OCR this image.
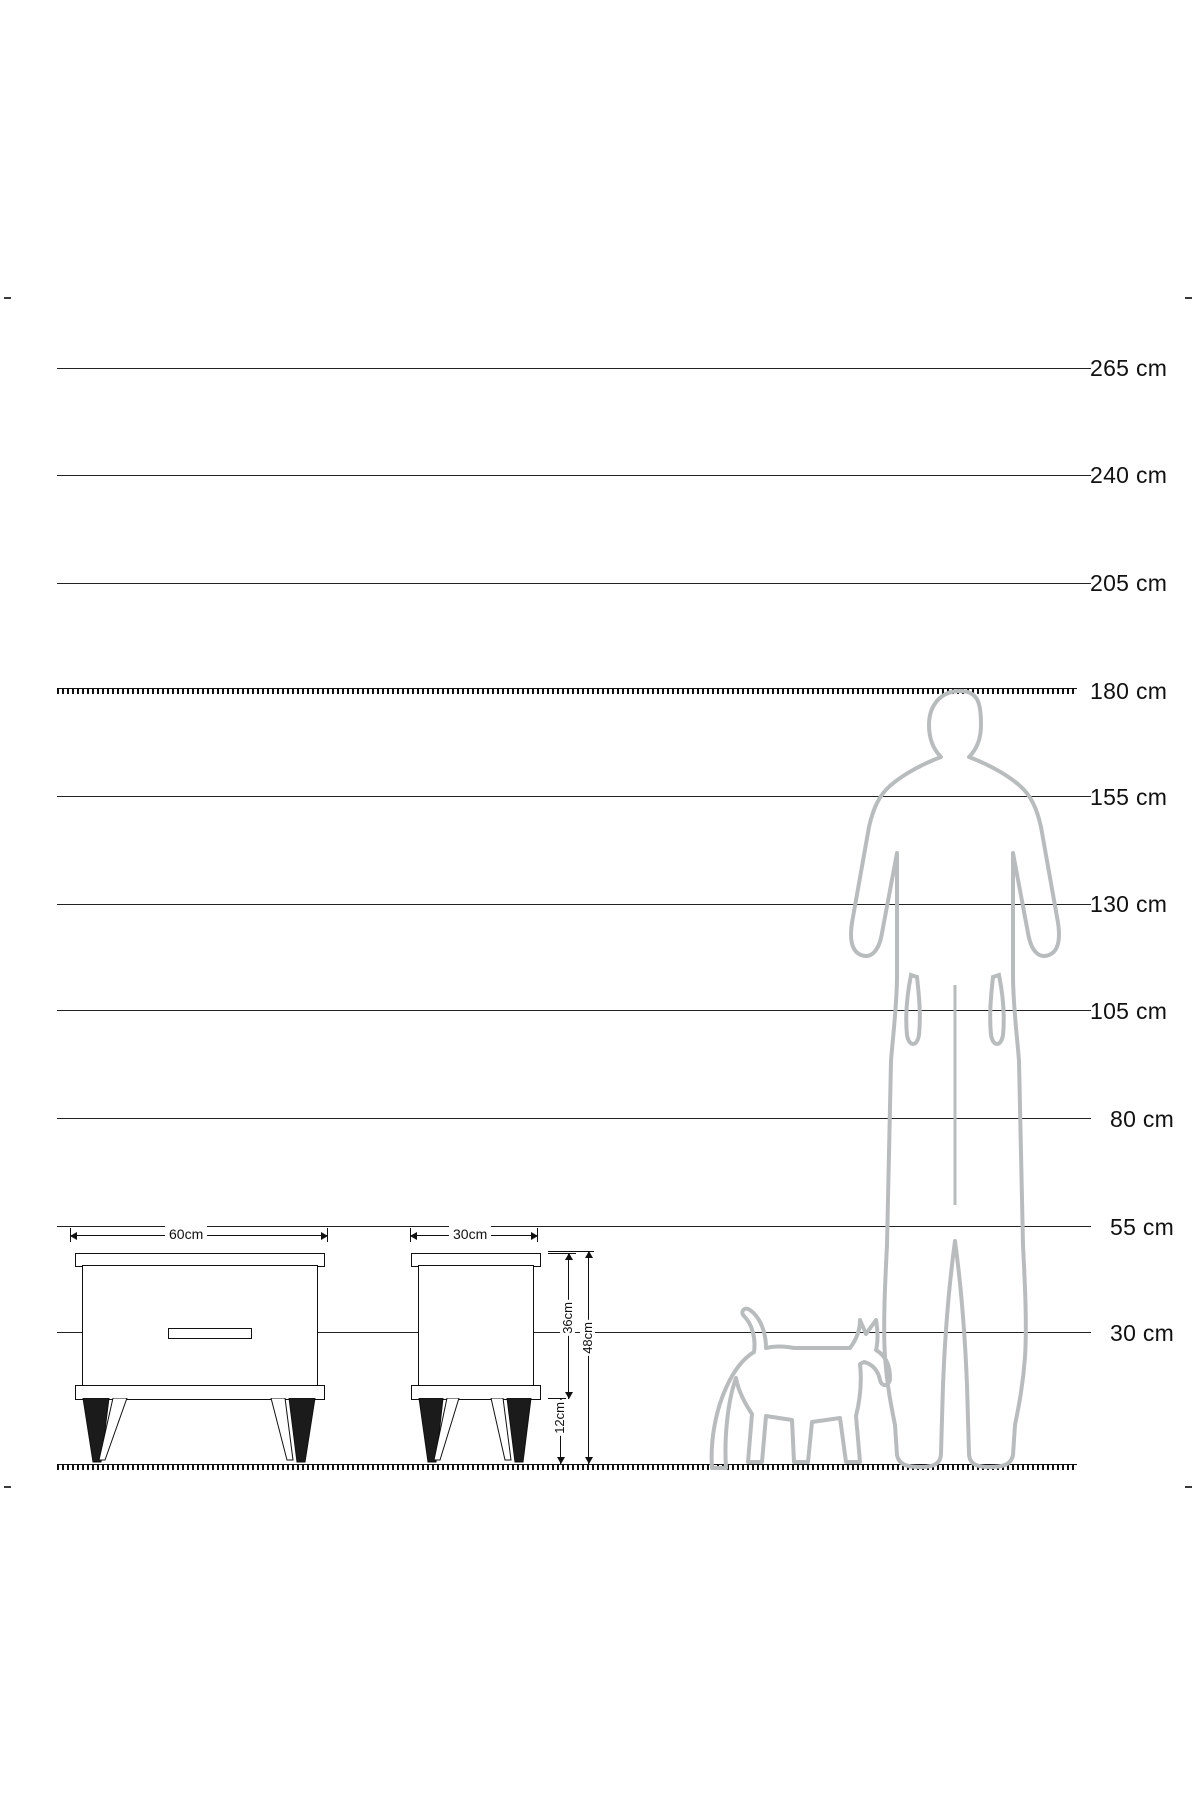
265 cm
240 cm
205 cm
180 cm
155 cm
130 cm
105 cm
80 cm
55 cm
30 cm
60cm	30cm
12cm
36cm
48cm
